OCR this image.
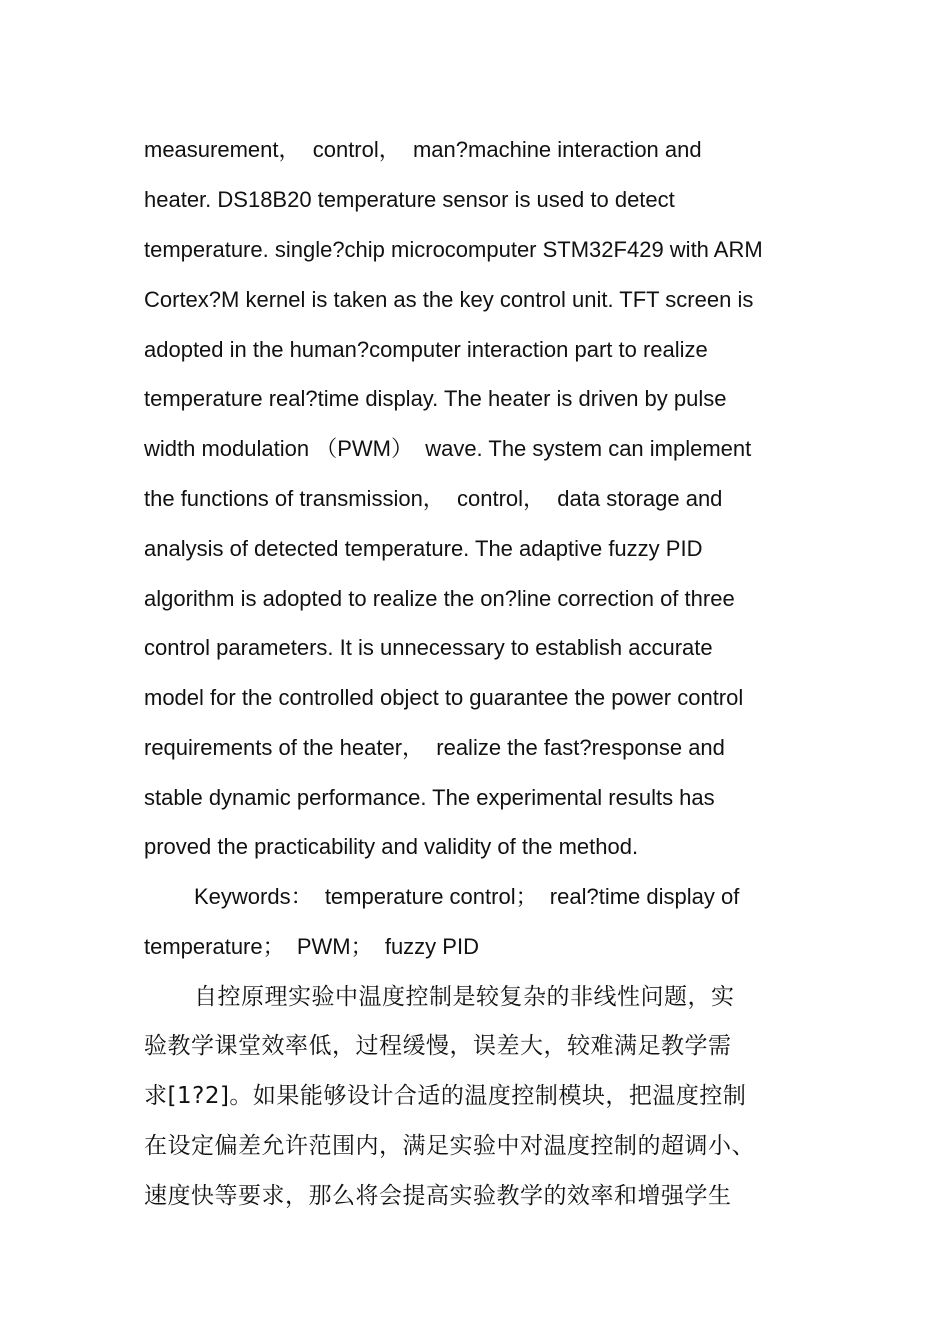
measurement，  control，  man?machine interaction and
heater. DS18B20 temperature sensor is used to detect
temperature. single?chip microcomputer STM32F429 with ARM
Cortex?M kernel is taken as the key control unit. TFT screen is
adopted in the human?computer interaction part to realize
temperature real?time display. The heater is driven by pulse
width modulation （PWM）  wave. The system can implement
the functions of transmission，  control，  data storage and
analysis of detected temperature. The adaptive fuzzy PID
algorithm is adopted to realize the on?line correction of three
control parameters. It is unnecessary to establish accurate
model for the controlled object to guarantee the power control
requirements of the heater，  realize the fast?response and
stable dynamic performance. The experimental results has
proved the practicability and validity of the method.
Keywords：  temperature control；  real?time display of
temperature；  PWM；  fuzzy PID
自控原理实验中温度控制是较复杂的非线性问题，实
验教学课堂效率低，过程缓慢，误差大，较难满足教学需
求[1?2]。如果能够设计合适的温度控制模块，把温度控制
在设定偏差允许范围内，满足实验中对温度控制的超调小、
速度快等要求，那么将会提高实验教学的效率和增强学生
